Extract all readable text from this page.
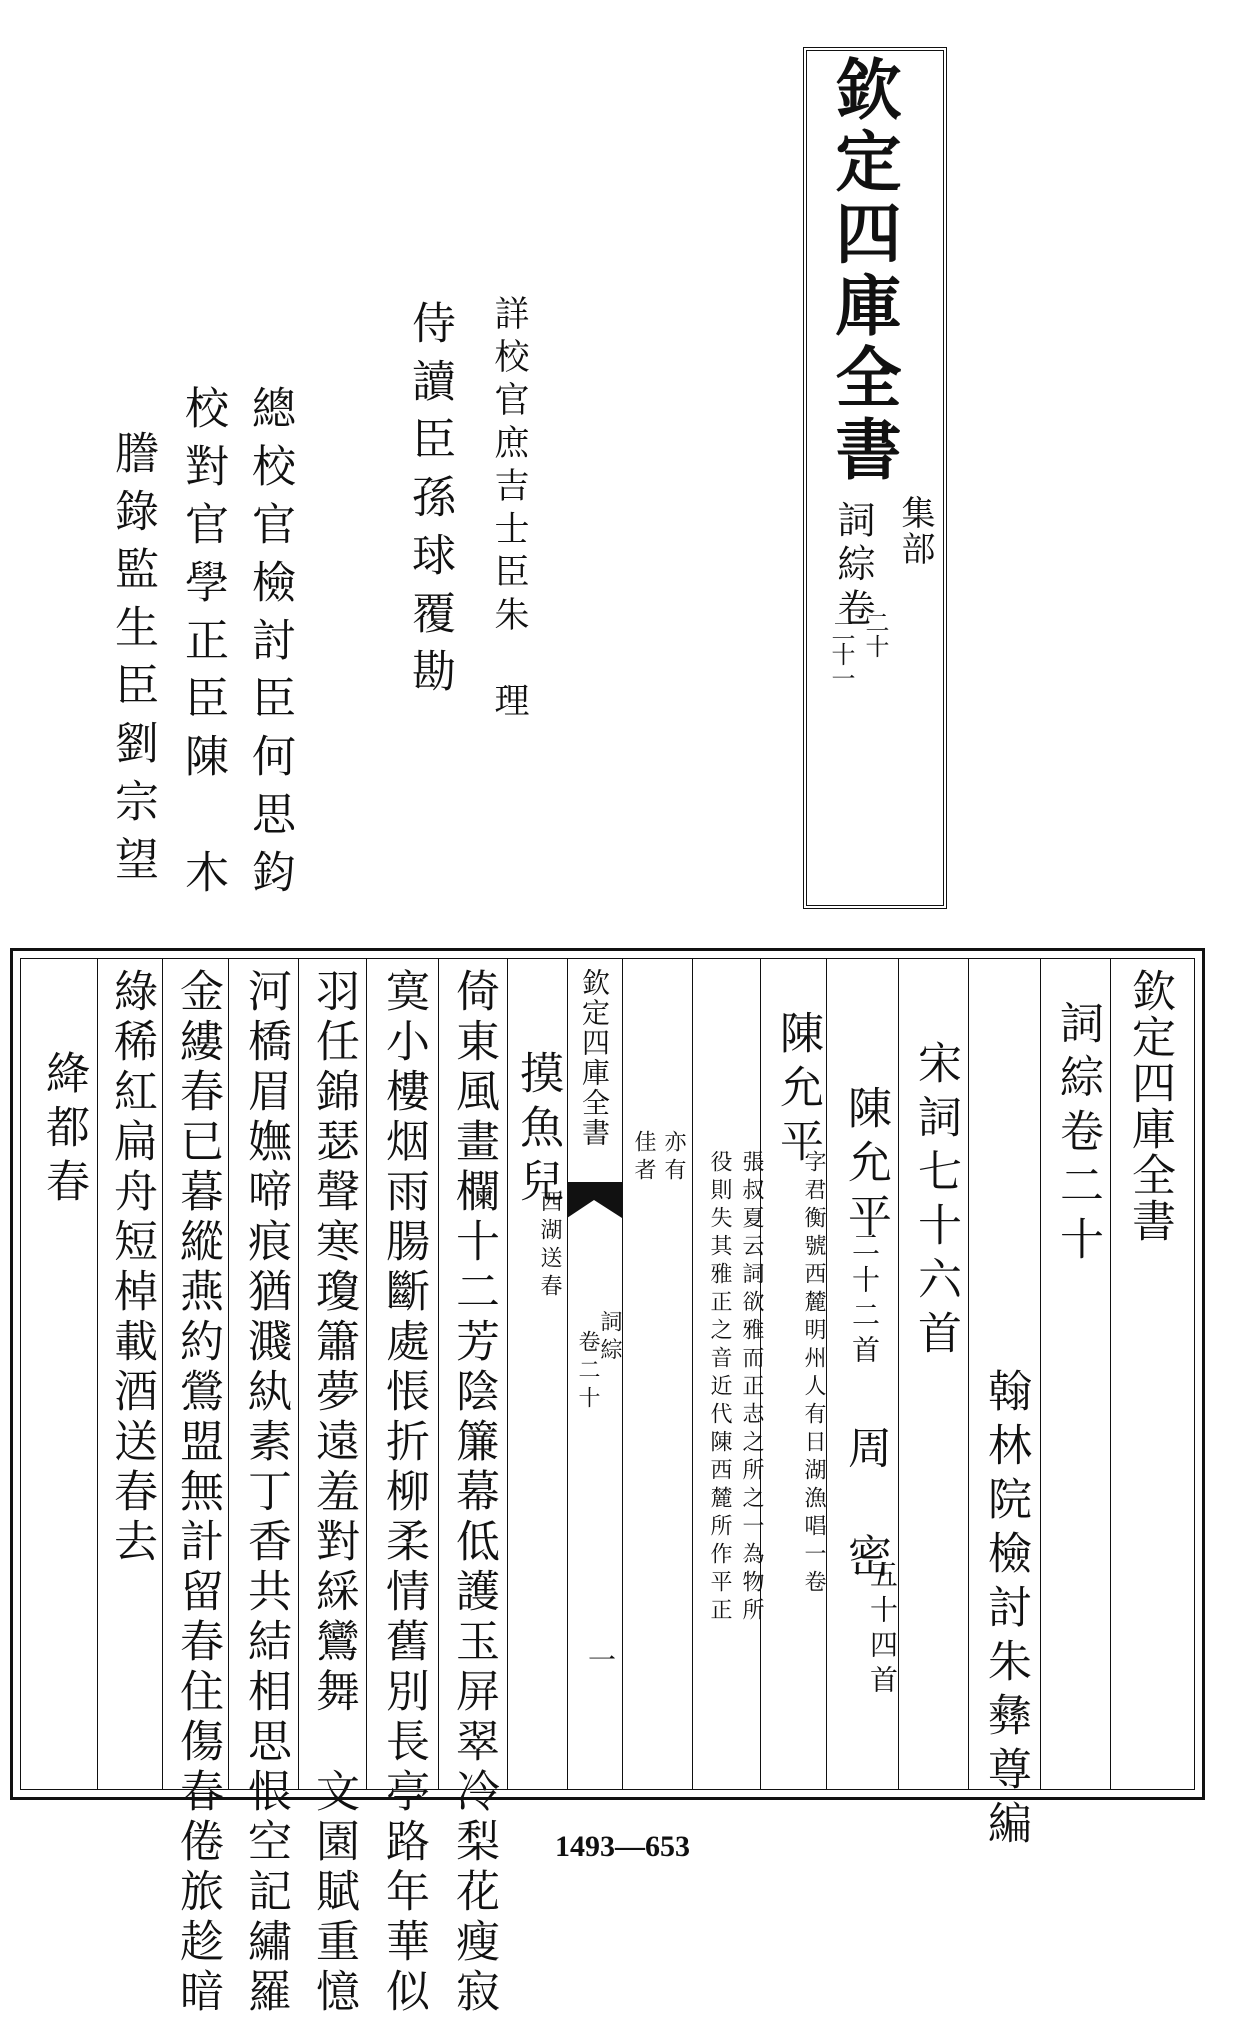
欽定四庫全書
集部
詞綜卷
二十
二十一
詳校官庶吉士臣朱　理
侍讀臣孫球覆勘
總校官檢討臣何思鈞
校對官學正臣陳　木
謄錄監生臣劉宗望
欽定四庫全書
詞綜卷二十
翰林院檢討朱彝尊編
宋詞七十六首
陳允平
二十二首
周　密
五十四首
陳允平
字君衡號西麓明州人有日湖漁唱一卷
張叔夏云詞欲雅而正志之所之一為物所
役則失其雅正之音近代陳西麓所作平正
亦有
佳者
欽定四庫全書
詞綜
卷二十
一
摸魚兒
西湖送春
倚東風畫欄十二芳陰簾幕低護玉屏翠冷梨花瘦寂
寞小樓烟雨腸斷處悵折柳柔情舊別長亭路年華似
羽任錦瑟聲寒瓊簫夢遠羞對綵鸞舞　文園賦重憶
河橋眉嫵啼痕猶濺紈素丁香共結相思恨空記繡羅
金縷春已暮縱燕約鶯盟無計留春住傷春倦旅趁暗
綠稀紅扁舟短棹載酒送春去
絳都春
1493—653
